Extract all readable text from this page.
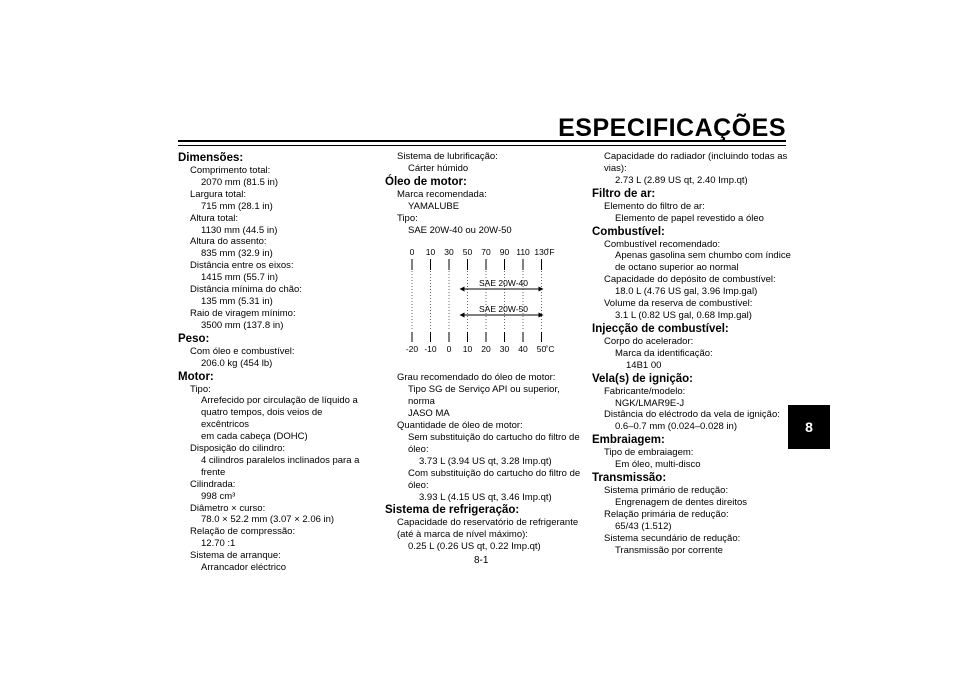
ESPECIFICAÇÕES
Dimensões:
Comprimento total:
2070 mm (81.5 in)
Largura total:
715 mm (28.1 in)
Altura total:
1130 mm (44.5 in)
Altura do assento:
835 mm (32.9 in)
Distância entre os eixos:
1415 mm (55.7 in)
Distância mínima do chão:
135 mm (5.31 in)
Raio de viragem mínimo:
3500 mm (137.8 in)
Peso:
Com óleo e combustível:
206.0 kg (454 lb)
Motor:
Tipo:
Arrefecido por circulação de líquido a
quatro tempos, dois veios de excêntricos
em cada cabeça (DOHC)
Disposição do cilindro:
4 cilindros paralelos inclinados para a
frente
Cilindrada:
998 cm³
Diâmetro × curso:
78.0 × 52.2 mm (3.07 × 2.06 in)
Relação de compressão:
12.70 :1
Sistema de arranque:
Arrancador eléctrico
Sistema de lubrificação:
Cárter húmido
Óleo de motor:
Marca recomendada:
YAMALUBE
Tipo:
SAE 20W-40 ou 20W-50
0 10 30 50 70 90 110 130
˚F
-20 -10 0 10 20 30 40 50 ˚C
SAE 20W-40
SAE 20W-50
Grau recomendado do óleo de motor:
Tipo SG de Serviço API ou superior, norma
JASO MA
Quantidade de óleo de motor:
Sem substituição do cartucho do filtro de
óleo:
3.73 L (3.94 US qt, 3.28 Imp.qt)
Com substituição do cartucho do filtro de
óleo:
3.93 L (4.15 US qt, 3.46 Imp.qt)
Sistema de refrigeração:
Capacidade do reservatório de refrigerante
(até à marca de nível máximo):
0.25 L (0.26 US qt, 0.22 Imp.qt)
Capacidade do radiador (incluindo todas as
vias):
2.73 L (2.89 US qt, 2.40 Imp.qt)
Filtro de ar:
Elemento do filtro de ar:
Elemento de papel revestido a óleo
Combustível:
Combustível recomendado:
Apenas gasolina sem chumbo com índice
de octano superior ao normal
Capacidade do depósito de combustível:
18.0 L (4.76 US gal, 3.96 Imp.gal)
Volume da reserva de combustível:
3.1 L (0.82 US gal, 0.68 Imp.gal)
Injecção de combustível:
Corpo do acelerador:
Marca da identificação:
14B1 00
Vela(s) de ignição:
Fabricante/modelo:
NGK/LMAR9E-J
Distância do eléctrodo da vela de ignição:
0.6–0.7 mm (0.024–0.028 in)
Embraiagem:
Tipo de embraiagem:
Em óleo, multi-disco
Transmissão:
Sistema primário de redução:
Engrenagem de dentes direitos
Relação primária de redução:
65/43 (1.512)
Sistema secundário de redução:
Transmissão por corrente
8
8-1
